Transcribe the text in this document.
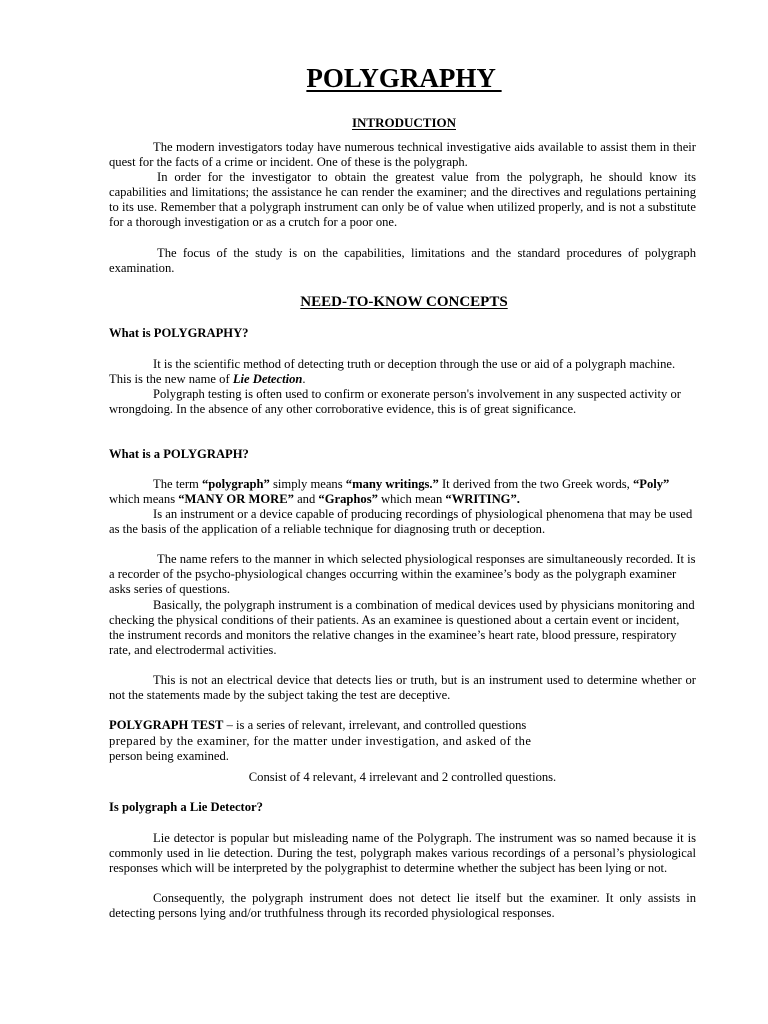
POLYGRAPHY
INTRODUCTION

The modern investigators today have numerous technical investigative aids available to assist them in their quest for the facts of a crime or incident. One of these is the polygraph.

In order for the investigator to obtain the greatest value from the polygraph, he should know its capabilities and limitations; the assistance he can render the examiner; and the directives and regulations pertaining to its use. Remember that a polygraph instrument can only be of value when utilized properly, and is not a substitute for a thorough investigation or as a crutch for a poor one.

The focus of the study is on the capabilities, limitations and the standard procedures of polygraph examination.

NEED-TO-KNOW CONCEPTS

What is POLYGRAPHY?

It is the scientific method of detecting truth or deception through the use or aid of a polygraph machine. This is the new name of Lie Detection.

Polygraph testing is often used to confirm or exonerate person's involvement in any suspected activity or wrongdoing. In the absence of any other corroborative evidence, this is of great significance.

What is a POLYGRAPH?

The term “polygraph” simply means “many writings.” It derived from the two Greek words, “Poly” which means “MANY OR MORE” and “Graphos” which mean “WRITING”.

Is an instrument or a device capable of producing recordings of physiological phenomena that may be used as the basis of the application of a reliable technique for diagnosing truth or deception.

The name refers to the manner in which selected physiological responses are simultaneously recorded. It is a recorder of the psycho-physiological changes occurring within the examinee’s body as the polygraph examiner asks series of questions.

Basically, the polygraph instrument is a combination of medical devices used by physicians monitoring and checking the physical conditions of their patients. As an examinee is questioned about a certain event or incident, the instrument records and monitors the relative changes in the examinee’s heart rate, blood pressure, respiratory rate, and electrodermal activities.

This is not an electrical device that detects lies or truth, but is an instrument used to determine whether or not the statements made by the subject taking the test are deceptive.

POLYGRAPH TEST – is a series of relevant, irrelevant, and controlled questions

prepared by the examiner, for the matter under investigation, and asked of the

person being examined.

Consist of 4 relevant, 4 irrelevant and 2 controlled questions.

Is polygraph a Lie Detector?

Lie detector is popular but misleading name of the Polygraph. The instrument was so named because it is commonly used in lie detection. During the test, polygraph makes various recordings of a personal’s physiological responses which will be interpreted by the polygraphist to determine whether the subject has been lying or not.

Consequently, the polygraph instrument does not detect lie itself but the examiner. It only assists in detecting persons lying and/or truthfulness through its recorded physiological responses.
